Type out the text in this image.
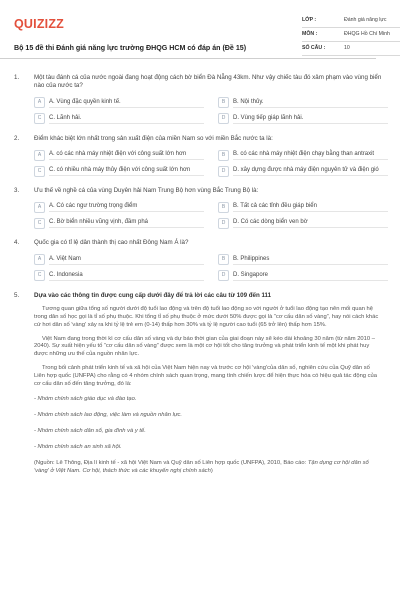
QUIZIZZ
Bộ 15 đề thi Đánh giá năng lực trường ĐHQG HCM có đáp án (Đề 15)
LỚP :	Đánh giá năng lực
MÔN :	ĐHQG Hồ Chí Minh
SỐ CÂU :	10
1.	Một tàu đánh cá của nước ngoài đang hoạt động cách bờ biển Đà Nẵng 43km. Như vậy chiếc tàu đó xâm phạm vào vùng biển nào của nước ta?
A	A. Vùng đặc quyền kinh tế.	B	B. Nội thủy.
C	C. Lãnh hải.	D	D. Vùng tiếp giáp lãnh hải.
2.	Điểm khác biệt lớn nhất trong sản xuất điện của miền Nam so với miền Bắc nước ta là:
A	A. có các nhà máy nhiệt điện với công suất lớn hơn	B	B. có các nhà máy nhiệt điện chạy bằng than antraxit
C	C. có nhiều nhà máy thủy điện với công suất lớn hơn	D	D. xây dựng được nhà máy điện nguyên tử và điện gió
3.	Ưu thế về nghề cá của vùng Duyên hải Nam Trung Bộ hơn vùng Bắc Trung Bộ là:
A	A. Có các ngư trường trọng điểm	B	B. Tất cả các tỉnh đều giáp biển
C	C. Bờ biển nhiều vũng vịnh, đầm phá	D	D. Có các dòng biển ven bờ
4.	Quốc gia có tỉ lệ dân thành thị cao nhất Đông Nam Á là?
A	A. Việt Nam	B	B. Philippines
C	C. Indonesia	D	D. Singapore
5.	Dựa vào các thông tin được cung cấp dưới đây để trả lời các câu từ 109 đến 111
Tương quan giữa tổng số người dưới độ tuổi lao động và trên độ tuổi lao động so với người ở tuổi lao động tạo nên mối quan hệ trong dân số học gọi là tỉ số phụ thuộc. Khi tổng tỉ số phụ thuộc ở mức dưới 50% được gọi là “cơ cấu dân số vàng”, hay nói cách khác cứ hơi dân số 'vàng' xảy ra khi tỷ lệ trẻ em (0-14) thấp hơn 30% và tỷ lệ người cao tuổi (65 trở lên) thấp hơn 15%.
Việt Nam đang trong thời kì cơ cấu dân số vàng và dự báo thời gian của giai đoạn này sẽ kéo dài khoảng 30 năm (từ năm 2010 – 2040). Sự xuất hiện yếu tố “cơ cấu dân số vàng” được xem là một cơ hội tốt cho tăng trưởng và phát triển kinh tế một khi phát huy được những ưu thế của nguồn nhân lực.
Trong bối cảnh phát triển kinh tế và xã hội của Việt Nam hiện nay và trước cơ hội 'vàng'của dân số, nghiên cứu của Quỹ dân số Liên hợp quốc (UNFPA) cho rằng có 4 nhóm chính sách quan trọng, mang tính chiến lược để hiện thực hóa có hiệu quả tác động của cơ cấu dân số đến tăng trưởng, đó là:
- Nhóm chính sách giáo dục và đào tạo.
- Nhóm chính sách lao động, việc làm và nguồn nhân lực.
- Nhóm chính sách dân số, gia đình và y tế.
- Nhóm chính sách an sinh xã hội.
(Nguồn: Lê Thông, Địa lí kinh tế - xã hội Việt Nam và Quỹ dân số Liên hợp quốc (UNFPA), 2010, Báo cáo: Tận dụng cơ hội dân số 'vàng' ở Việt Nam. Cơ hội, thách thức và các khuyến nghị chính sách)
